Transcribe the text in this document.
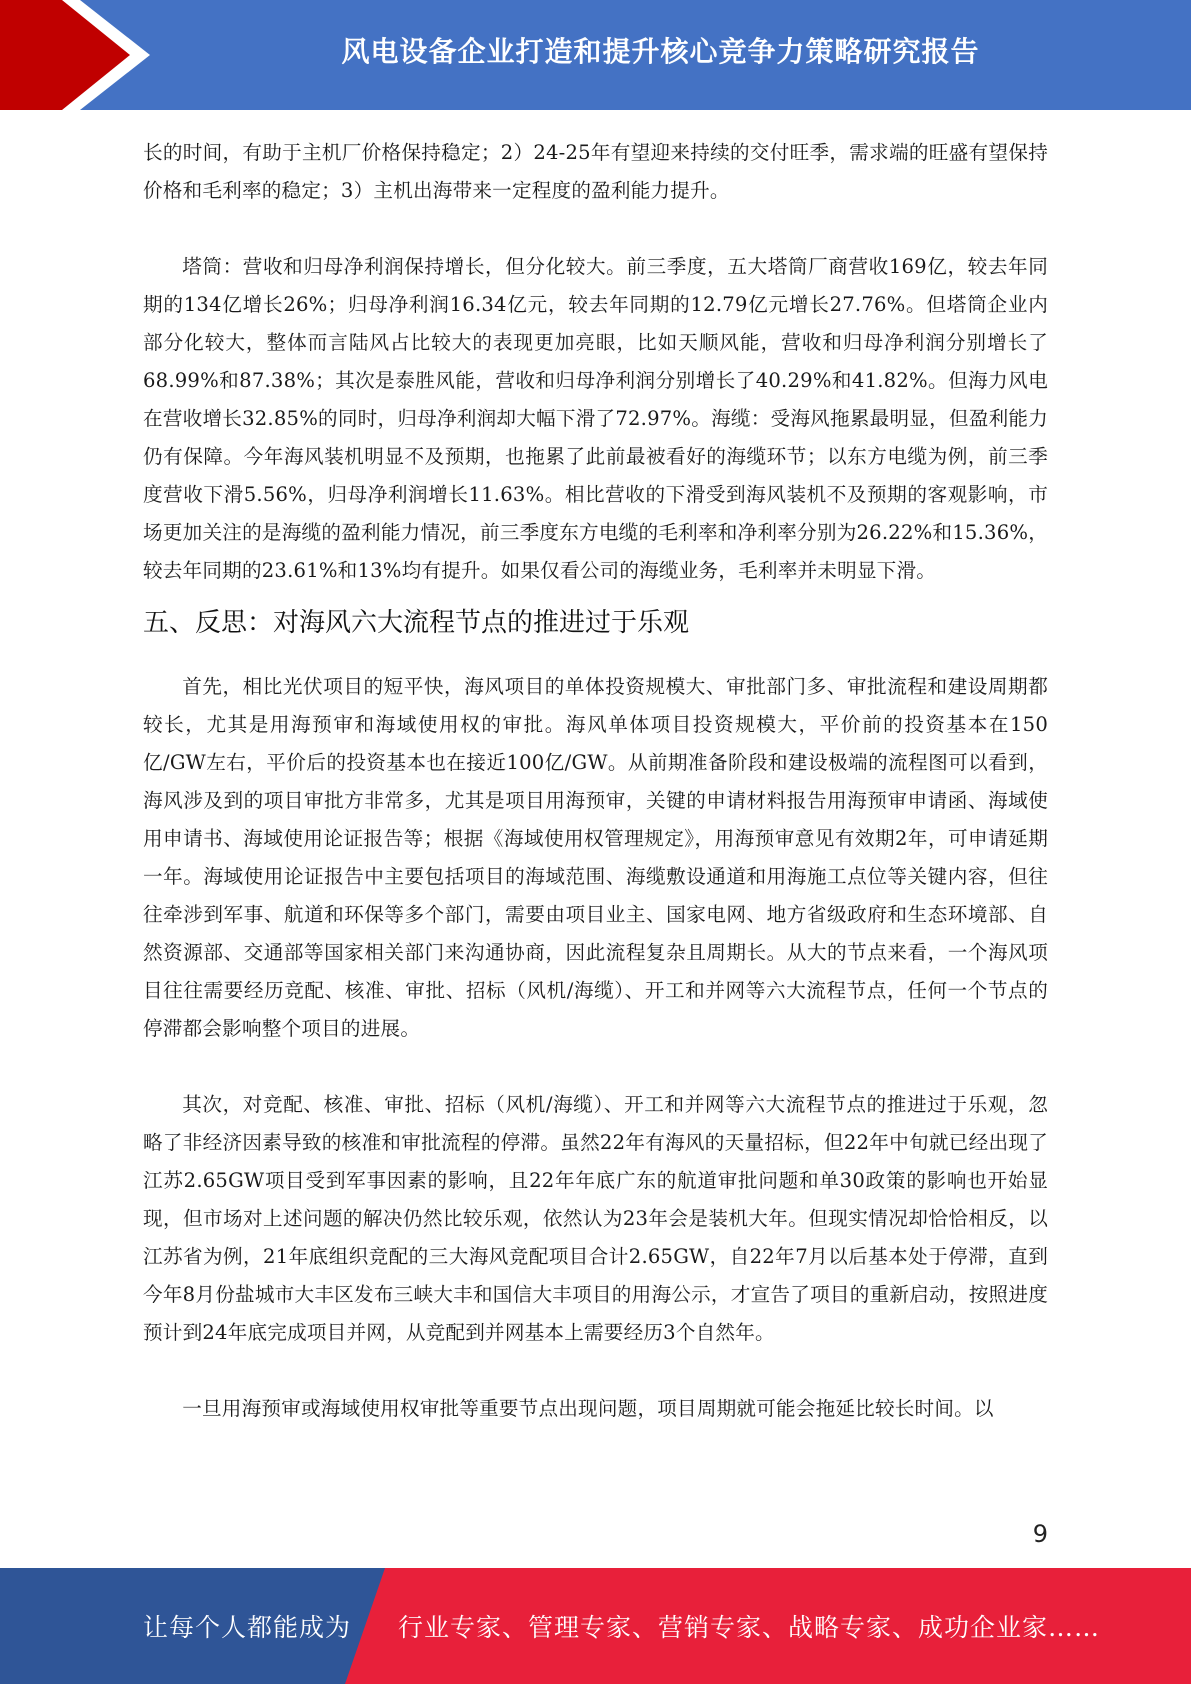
风电设备企业打造和提升核心竞争力策略研究报告

长的时间，有助于主机厂价格保持稳定；2）24-25年有望迎来持续的交付旺季，需求端的旺盛有望保持价格和毛利率的稳定；3）主机出海带来一定程度的盈利能力提升。

塔筒：营收和归母净利润保持增长，但分化较大。前三季度，五大塔筒厂商营收169亿，较去年同期的134亿增长26%；归母净利润16.34亿元，较去年同期的12.79亿元增长27.76%。但塔筒企业内部分化较大，整体而言陆风占比较大的表现更加亮眼，比如天顺风能，营收和归母净利润分别增长了68.99%和87.38%；其次是泰胜风能，营收和归母净利润分别增长了40.29%和41.82%。但海力风电在营收增长32.85%的同时，归母净利润却大幅下滑了72.97%。海缆：受海风拖累最明显，但盈利能力仍有保障。今年海风装机明显不及预期，也拖累了此前最被看好的海缆环节；以东方电缆为例，前三季度营收下滑5.56%，归母净利润增长11.63%。相比营收的下滑受到海风装机不及预期的客观影响，市场更加关注的是海缆的盈利能力情况，前三季度东方电缆的毛利率和净利率分别为26.22%和15.36%，较去年同期的23.61%和13%均有提升。如果仅看公司的海缆业务，毛利率并未明显下滑。

五、反思：对海风六大流程节点的推进过于乐观

首先，相比光伏项目的短平快，海风项目的单体投资规模大、审批部门多、审批流程和建设周期都较长，尤其是用海预审和海域使用权的审批。海风单体项目投资规模大，平价前的投资基本在150亿/GW左右，平价后的投资基本也在接近100亿/GW。从前期准备阶段和建设极端的流程图可以看到，海风涉及到的项目审批方非常多，尤其是项目用海预审，关键的申请材料报告用海预审申请函、海域使用申请书、海域使用论证报告等；根据《海域使用权管理规定》，用海预审意见有效期2年，可申请延期一年。海域使用论证报告中主要包括项目的海域范围、海缆敷设通道和用海施工点位等关键内容，但往往牵涉到军事、航道和环保等多个部门，需要由项目业主、国家电网、地方省级政府和生态环境部、自然资源部、交通部等国家相关部门来沟通协商，因此流程复杂且周期长。从大的节点来看，一个海风项目往往需要经历竞配、核准、审批、招标（风机/海缆）、开工和并网等六大流程节点，任何一个节点的停滞都会影响整个项目的进展。

其次，对竞配、核准、审批、招标（风机/海缆）、开工和并网等六大流程节点的推进过于乐观，忽略了非经济因素导致的核准和审批流程的停滞。虽然22年有海风的天量招标，但22年中旬就已经出现了江苏2.65GW项目受到军事因素的影响，且22年年底广东的航道审批问题和单30政策的影响也开始显现，但市场对上述问题的解决仍然比较乐观，依然认为23年会是装机大年。但现实情况却恰恰相反，以江苏省为例，21年底组织竞配的三大海风竞配项目合计2.65GW，自22年7月以后基本处于停滞，直到今年8月份盐城市大丰区发布三峡大丰和国信大丰项目的用海公示，才宣告了项目的重新启动，按照进度预计到24年底完成项目并网，从竞配到并网基本上需要经历3个自然年。

一旦用海预审或海域使用权审批等重要节点出现问题，项目周期就可能会拖延比较长时间。以

9
让每个人都能成为 行业专家、管理专家、营销专家、战略专家、成功企业家……
